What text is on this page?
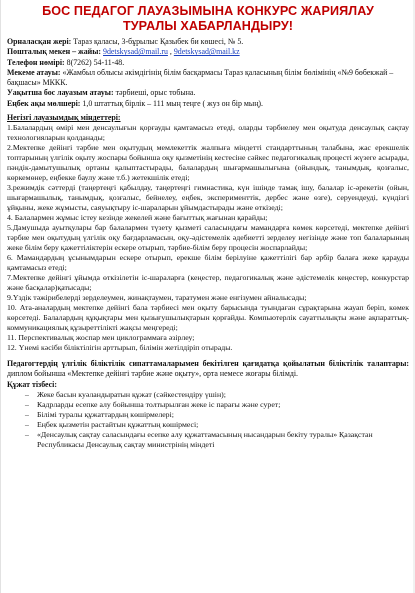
БОС ПЕДАГОГ ЛАУАЗЫМЫНА КОНКУРС ЖАРИЯЛАУ
ТУРАЛЫ ХАБАРЛАНДЫРУ!
Орналасқан жері: Тараз қаласы, 3-бұрылыс Қазыбек би көшесі, № 5.
Пошталық мекен – жайы: 9detskysad@mail.ru , 9detskysad@mail.kz
Телефон нөмірі: 8(7262) 54-11-48.
Мекеме атауы: «Жамбыл облысы әкімдігінің білім басқармасы Тараз қаласының білім бөлімінің «№9 бөбекжай – бақшасы» МККК.
Уақытша бос лауазым атауы: тәрбиеші, орыс тобына.
Еңбек ақы мөлшері: 1,0 штаттық бірлік – 111 мың теңге ( жуз он бір мың).
Негізгі лауазымдық міндеттері:

1.Балалардың өмірі мен денсаулығын қорғауды қамтамасыз етеді, оларды тәрбиелеу мен оқытуда денсаулық сақтау технологияларын қолданады;

2.Мектепке дейінгі тәрбие мен оқытудың мемлекеттік жалпыға міндетті стандарттының талабына, жас ерекшелік топтарының үлгілік оқыту жоспары бойынша оқу қызметінің кестесіне сәйкес педагогикалық процесті жүзеге асырады, пәндік-дамытушылық ортаны қалыптастырады, балалардың шығармашылығына (ойындық, танымдық, қозғалыс, көркемөнер, еңбекке баулу және т.б.) жетекшілік етеді;

3.режимдік сәттерді (таңертеңгі қабылдау, таңертеңгі гимнастика, күн ішінде тамақ ішу, балалар іс-әрекетін (ойын, шығармашылық, танымдық, қозғалыс, бейнелеу, еңбек, эксперименттік, дербес және өзге), серуендеуді, күндізгі ұйқыны, жеке жұмысты, саяуықтыру іс-шараларын ұйымдастырады және өткізеді;

4. Балалармен жұмыс істеу кезінде жекелей және бағыттық жағынан қарайды;

5.Дамушыда ауытқулары бар балалармен түзету қызметі саласындағы мамандарға көмек көрсетеді, мектепке дейінгі тәрбие мен оқытудың үлгілік оқу бағдарламасын, оқу-әдістемелік әдебиетті зерделеу негізінде және топ балаларының жеке білім беру қажеттіліктерін ескере отырып, тәрбие-білім беру процесін жоспарлайды;

6. Мамандардың ұсынымдарын ескере отырып, ерекше білім берілуіне қажеттілігі бар әрбір балаға жеке қарауды қамтамасыз етеді;

7.Мектепке дейінгі ұйымда өткізілетін іс-шараларға (кеңестер, педагогикалық және әдістемелік кеңестер, конкурстар және басқалар)қатысады;

9.Үздік тәжірибелерді зерделеумен, жинақтаумен, таратумен және енгізумен айналысады;

10. Ата-аналардың мектепке дейінгі бала тәрбиесі мен оқыту барысында туындаған сұрақтарына жауап беріп, көмек көрсетеді. Балалардың құқықтары мен қызығушылықтарын қорғайды. Компьютерлік сауаттылықты және ақпараттық-коммуникациялық құзыреттілікті жақсы меңгереді;

11. Перспективалық жоспар мен циклограммаға әзірлеу;

12. Үнемі кәсіби біліктілігін арттырып, білімін жетілдіріп отырады.

Педагогтердің үлгілік біліктілік сипаттамаларымен бекітілген қағидатқа қойылатын біліктілік талаптары: диплом бойынша «Мектепке дейінгі тәрбие және оқыту», орта немесе жоғары білімді.
Құжат тізбесі:
– Жеке басын куәландыратын құжат (сәйкестендіру үшін);
– Кадрларды есепке алу бойынша толтырылған жеке іс парағы және сурет;
– Білімі туралы құжаттардың көшірмелері;
– Еңбек қызметін растайтын құжаттың көшірмесі;
– «Денсаулық сақтау саласындағы есепке алу құжаттамасының нысандарын бекіту туралы» Қазақстан Республикасы Денсаулық сақтау министрінің міндеті
